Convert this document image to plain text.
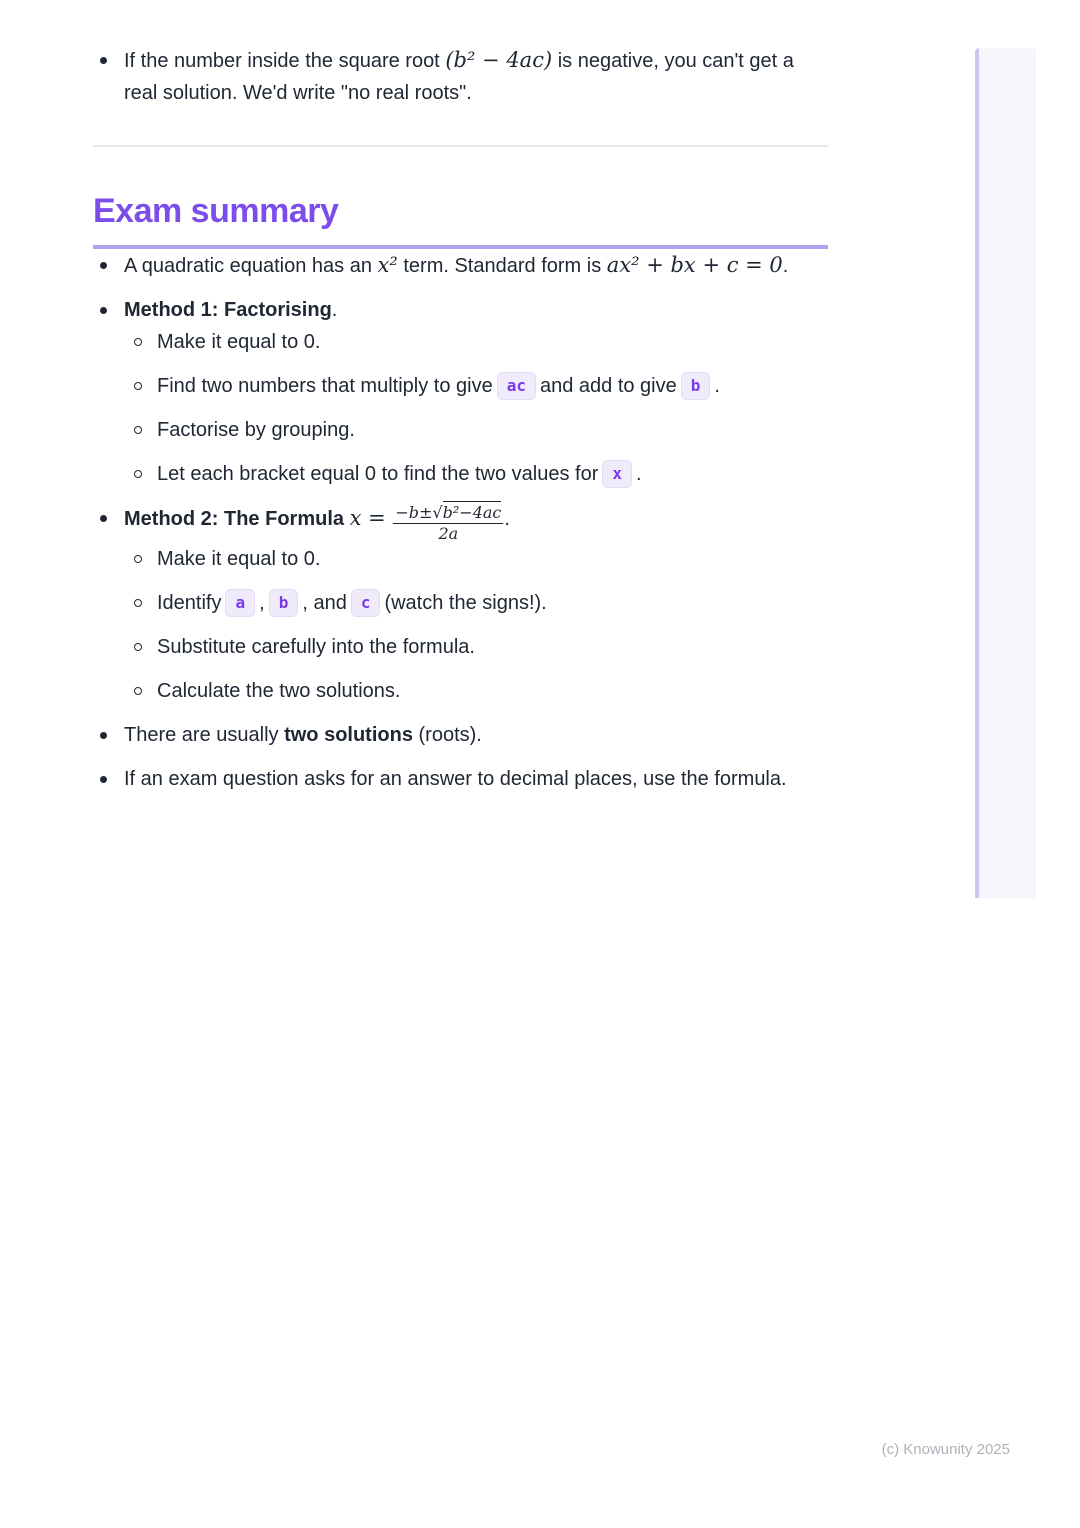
If the number inside the square root (b² − 4ac) is negative, you can't get a real solution. We'd write "no real roots".
Exam summary
A quadratic equation has an x² term. Standard form is ax² + bx + c = 0.
Method 1: Factorising.
Make it equal to 0.
Find two numbers that multiply to give ac and add to give b .
Factorise by grouping.
Let each bracket equal 0 to find the two values for x .
Method 2: The Formula $x = \frac{\text{−b±√b²−4ac}}{2a}$ .
Make it equal to 0.
Identify a , b , and c (watch the signs!).
Substitute carefully into the formula.
Calculate the two solutions.
There are usually two solutions (roots).
If an exam question asks for an answer to decimal places, use the formula.
(c) Knowunity 2025
